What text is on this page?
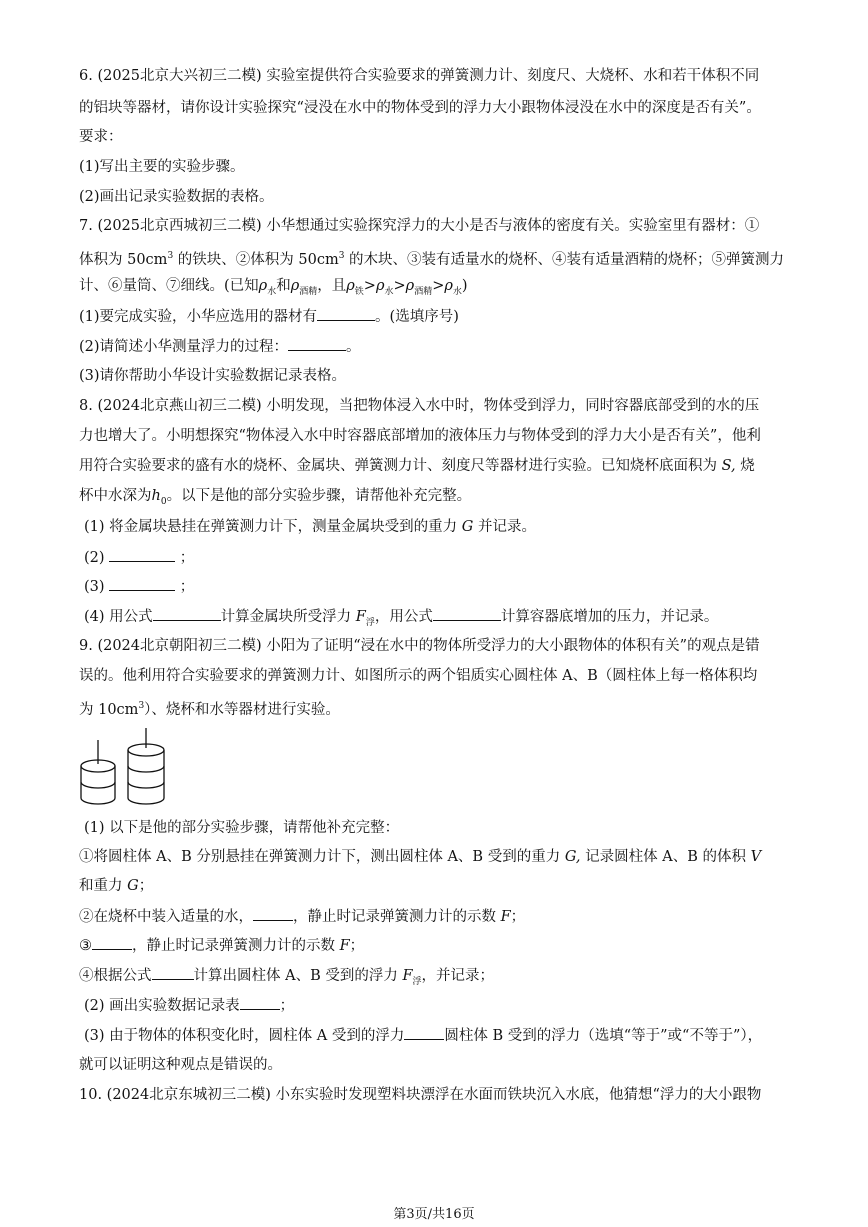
6. (2025北京大兴初三二模) 实验室提供符合实验要求的弹簧测力计、刻度尺、大烧杯、水和若干体积不同
的铝块等器材，请你设计实验探究“浸没在水中的物体受到的浮力大小跟物体浸没在水中的深度是否有关”。
要求：
(1)写出主要的实验步骤。
(2)画出记录实验数据的表格。
7. (2025北京西城初三二模) 小华想通过实验探究浮力的大小是否与液体的密度有关。实验室里有器材：①
体积为 $50cm^3$ 的铁块、②体积为 $50cm^3$ 的木块、③装有适量水的烧杯、④装有适量酒精的烧杯；⑤弹簧测力
计、⑥量筒、⑦细线。(已知$\rho_水$和$\rho_{酒精}$，且$\rho_铁>\rho_水>\rho_{酒精}>\rho_水$)
(1)要完成实验，小华应选用的器材有	。(选填序号)
(2)请简述小华测量浮力的过程：	。
(3)请你帮助小华设计实验数据记录表格。
8. (2024北京燕山初三二模) 小明发现，当把物体浸入水中时，物体受到浮力，同时容器底部受到的水的压
力也增大了。小明想探究“物体浸入水中时容器底部增加的液体压力与物体受到的浮力大小是否有关”，他利
用符合实验要求的盛有水的烧杯、金属块、弹簧测力计、刻度尺等器材进行实验。已知烧杯底面积为 S, 烧
杯中水深为$h_0$。以下是他的部分实验步骤，请帮他补充完整。
(1) 将金属块悬挂在弹簧测力计下，测量金属块受到的重力 G 并记录。
(2)	；
(3)	；
(4) 用公式	计算金属块所受浮力 $F_浮$，用公式	计算容器底增加的压力，并记录。
9. (2024北京朝阳初三二模) 小阳为了证明“浸在水中的物体所受浮力的大小跟物体的体积有关”的观点是错
误的。他利用符合实验要求的弹簧测力计、如图所示的两个铝质实心圆柱体 A、B（圆柱体上每一格体积均
为 $10cm^3$）、烧杯和水等器材进行实验。
(1) 以下是他的部分实验步骤，请帮他补充完整：
①将圆柱体 A、B 分别悬挂在弹簧测力计下，测出圆柱体 A、B 受到的重力 G, 记录圆柱体 A、B 的体积 V
和重力 G；
②在烧杯中装入适量的水，	，静止时记录弹簧测力计的示数 F；
③	，静止时记录弹簧测力计的示数 F；
④根据公式	计算出圆柱体 A、B 受到的浮力 $F_浮$，并记录；
(2) 画出实验数据记录表	；
(3) 由于物体的体积变化时，圆柱体 A 受到的浮力	圆柱体 B 受到的浮力（选填“等于”或“不等于”），
就可以证明这种观点是错误的。
10. (2024北京东城初三二模) 小东实验时发现塑料块漂浮在水面而铁块沉入水底，他猜想“浮力的大小跟物
第3页/共16页
